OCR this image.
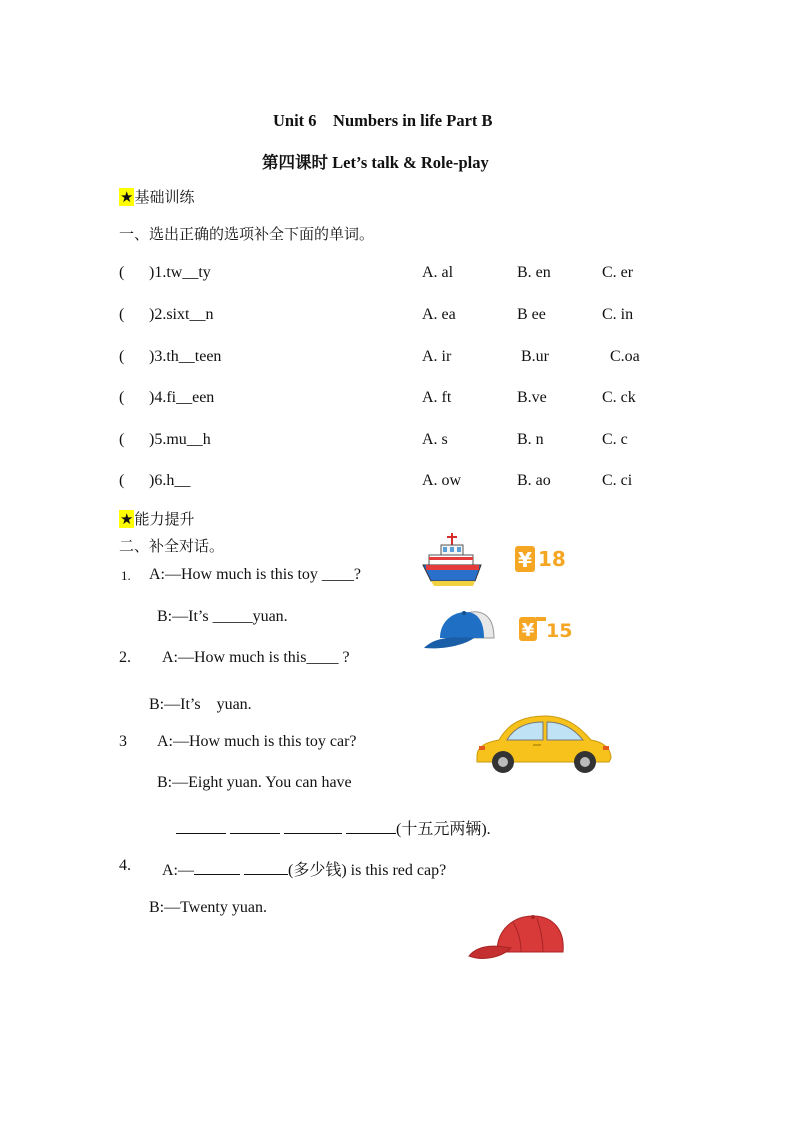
Unit 6　Numbers in life Part B
第四课时 Let’s talk & Role-play
★基础训练
一、选出正确的选项补全下面的单词。
( )1.tw__ty	A. al	B. en	C. er
( )2.sixt__n	A. ea	B ee	C. in
( )3.th__teen	A. ir	B.ur	C.oa
( )4.fi__een	A. ft	B.ve	C. ck
( )5.mu__h	A. s	B. n	C. c
( )6.h__	A. ow	B. ao	C. ci
★能力提升
二、补全对话。
1. A:—How much is this toy ____?
B:—It’s _____yuan.
2. A:—How much is this____ ?
B:—It’s　yuan.
3 A:—How much is this toy car?
B:—Eight yuan. You can have
(十五元两辆).
4. A:—	(多少钱) is this red cap?
B:—Twenty yuan.
¥ 18
¥ 15
